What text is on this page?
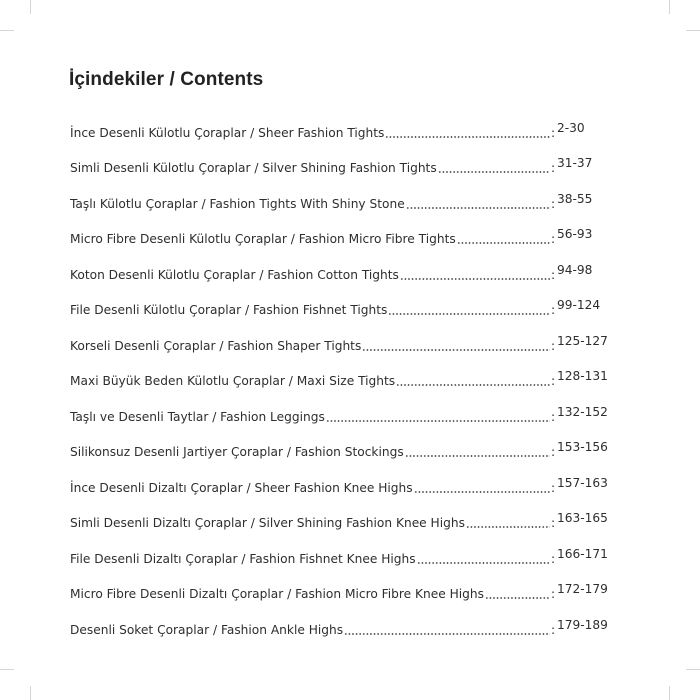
İçindekiler / Contents
İnce Desenli Külotlu Çoraplar / Sheer Fashion Tights	: 2-30
Simli Desenli Külotlu Çoraplar / Silver Shining Fashion Tights	: 31-37
Taşlı Külotlu Çoraplar / Fashion Tights With Shiny Stone	: 38-55
Micro Fibre Desenli Külotlu Çoraplar / Fashion Micro Fibre Tights	: 56-93
Koton Desenli Külotlu Çoraplar / Fashion Cotton Tights	: 94-98
File Desenli Külotlu Çoraplar / Fashion Fishnet Tights	: 99-124
Korseli Desenli Çoraplar / Fashion Shaper Tights	: 125-127
Maxi Büyük Beden Külotlu Çoraplar / Maxi Size Tights	: 128-131
Taşlı ve Desenli Taytlar / Fashion Leggings	: 132-152
Silikonsuz Desenli Jartiyer Çoraplar / Fashion Stockings	: 153-156
İnce Desenli Dizaltı Çoraplar / Sheer Fashion Knee Highs	: 157-163
Simli Desenli Dizaltı Çoraplar / Silver Shining Fashion Knee Highs	: 163-165
File Desenli Dizaltı Çoraplar / Fashion Fishnet Knee Highs	: 166-171
Micro Fibre Desenli Dizaltı Çoraplar / Fashion Micro Fibre Knee Highs	: 172-179
Desenli Soket Çoraplar / Fashion Ankle Highs	: 179-189
